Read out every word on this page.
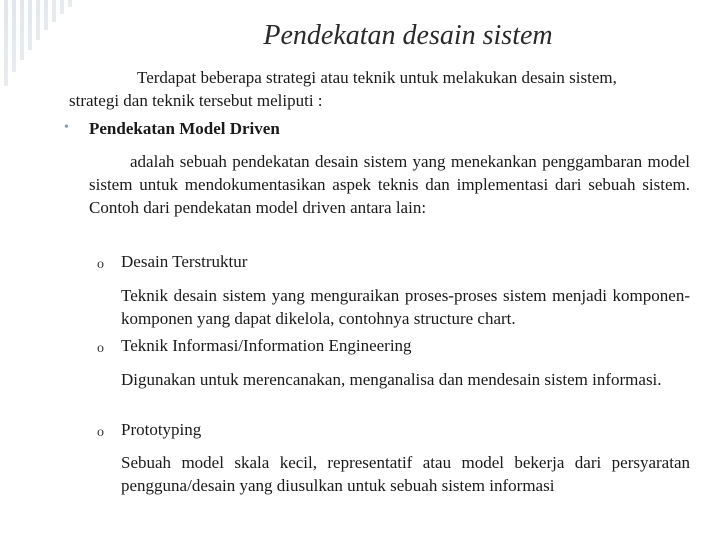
Pendekatan desain sistem

Terdapat beberapa strategi atau teknik untuk melakukan desain sistem, strategi dan teknik tersebut meliputi :

• Pendekatan Model Driven

adalah sebuah pendekatan desain sistem yang menekankan penggambaran model sistem untuk mendokumentasikan aspek teknis dan implementasi dari sebuah sistem. Contoh dari pendekatan model driven antara lain:

o Desain Terstruktur
Teknik desain sistem yang menguraikan proses-proses sistem menjadi komponen-komponen yang dapat dikelola, contohnya structure chart.
o Teknik Informasi/Information Engineering
Digunakan untuk merencanakan, menganalisa dan mendesain sistem informasi.
o Prototyping
Sebuah model skala kecil, representatif atau model bekerja dari persyaratan pengguna/desain yang diusulkan untuk sebuah sistem informasi
